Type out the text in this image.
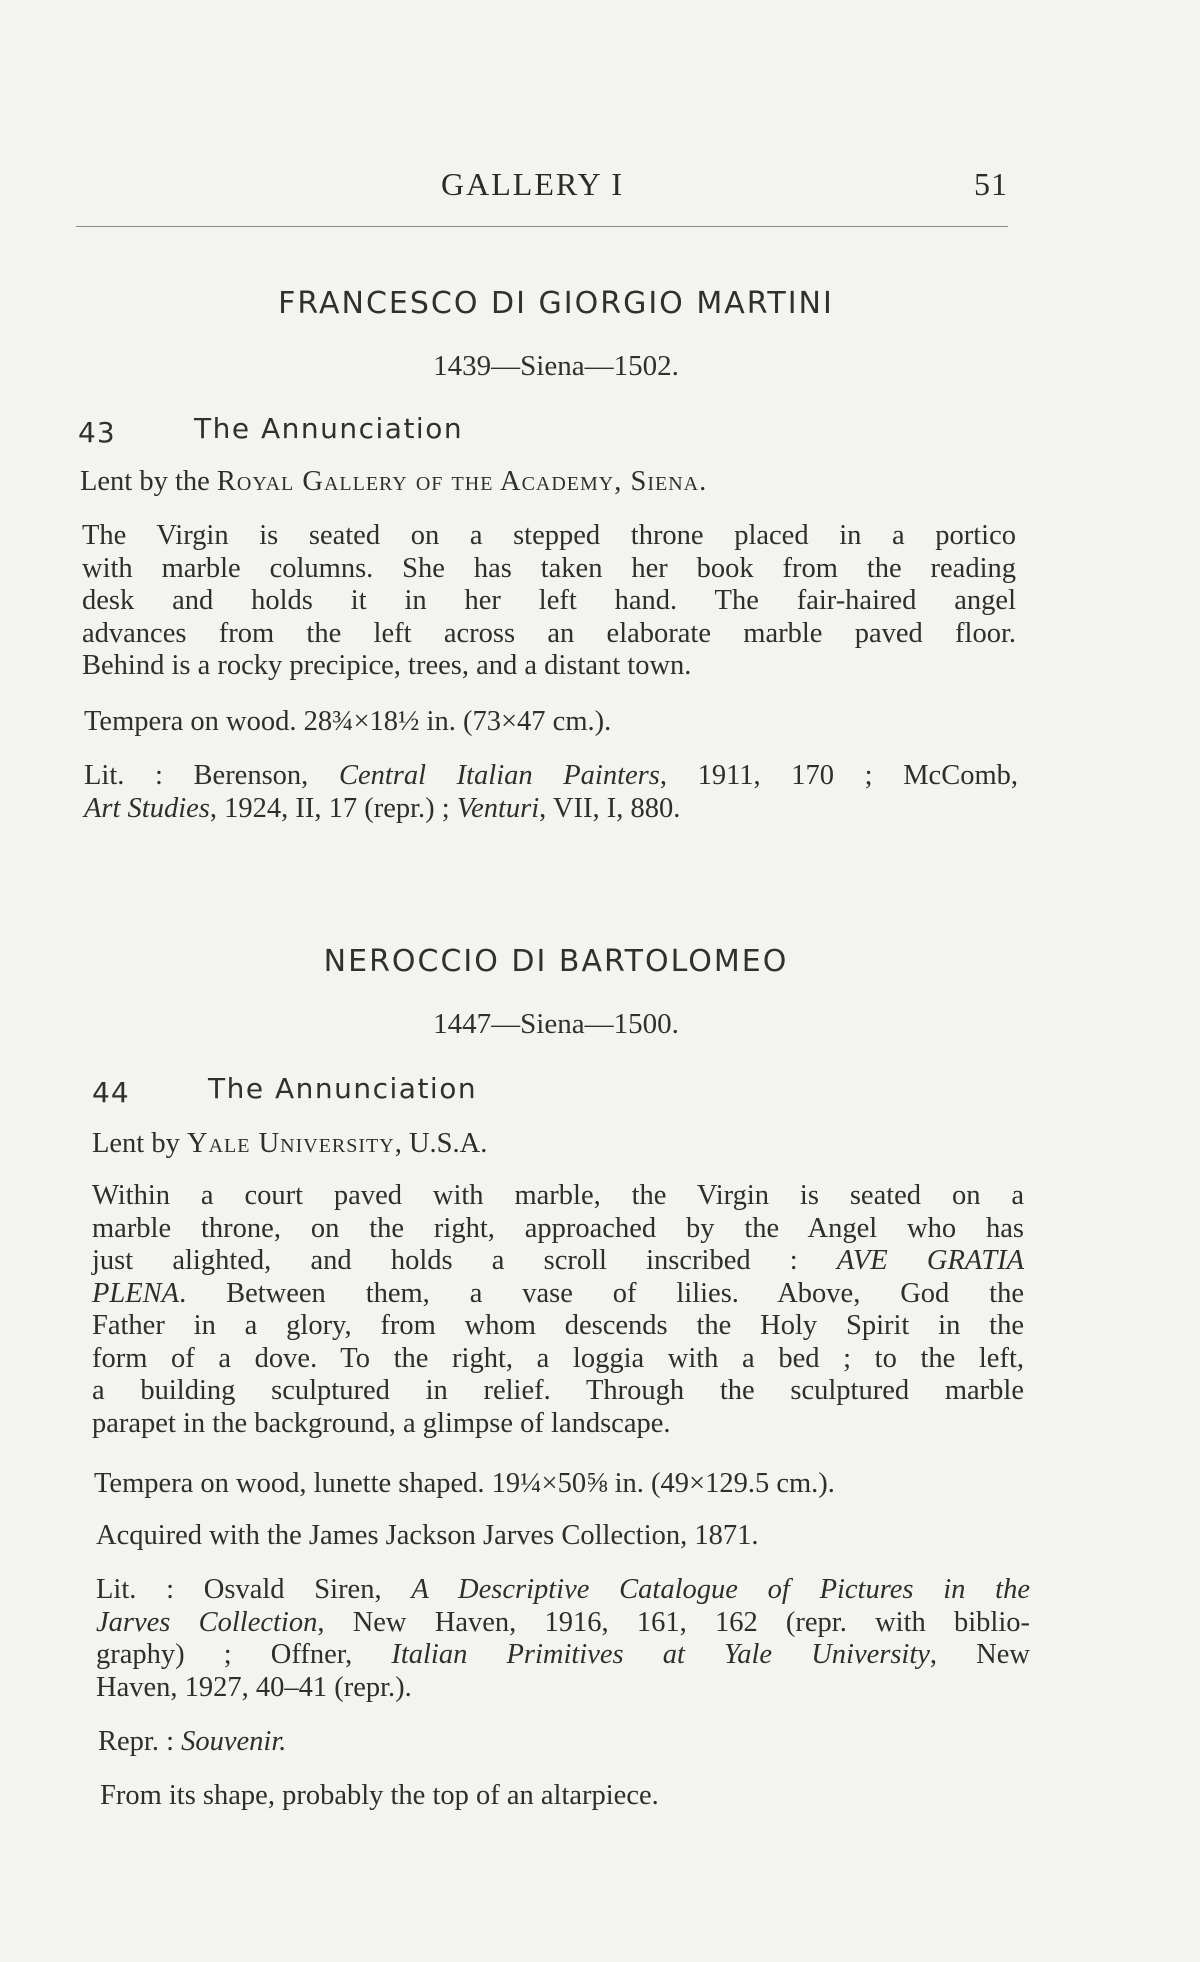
GALLERY I	51
FRANCESCO DI GIORGIO MARTINI
1439—Siena—1502.
43	The Annunciation
Lent by the Royal Gallery of the Academy, Siena.

The Virgin is seated on a stepped throne placed in a portico

with marble columns. She has taken her book from the reading

desk and holds it in her left hand. The fair-haired angel

advances from the left across an elaborate marble paved floor.

Behind is a rocky precipice, trees, and a distant town.

Tempera on wood. 28¾×18½ in. (73×47 cm.).

Lit. : Berenson, Central Italian Painters, 1911, 170 ; McComb,

Art Studies, 1924, II, 17 (repr.) ; Venturi, VII, I, 880.

NEROCCIO DI BARTOLOMEO
1447—Siena—1500.
44	The Annunciation
Lent by Yale University, U.S.A.

Within a court paved with marble, the Virgin is seated on a

marble throne, on the right, approached by the Angel who has

just alighted, and holds a scroll inscribed : AVE GRATIA

PLENA. Between them, a vase of lilies. Above, God the

Father in a glory, from whom descends the Holy Spirit in the

form of a dove. To the right, a loggia with a bed ; to the left,

a building sculptured in relief. Through the sculptured marble

parapet in the background, a glimpse of landscape.

Tempera on wood, lunette shaped. 19¼×50⅝ in. (49×129.5 cm.).
Acquired with the James Jackson Jarves Collection, 1871.

Lit. : Osvald Siren, A Descriptive Catalogue of Pictures in the

Jarves Collection, New Haven, 1916, 161, 162 (repr. with biblio-

graphy) ; Offner, Italian Primitives at Yale University, New

Haven, 1927, 40–41 (repr.).

Repr. : Souvenir.
From its shape, probably the top of an altarpiece.
